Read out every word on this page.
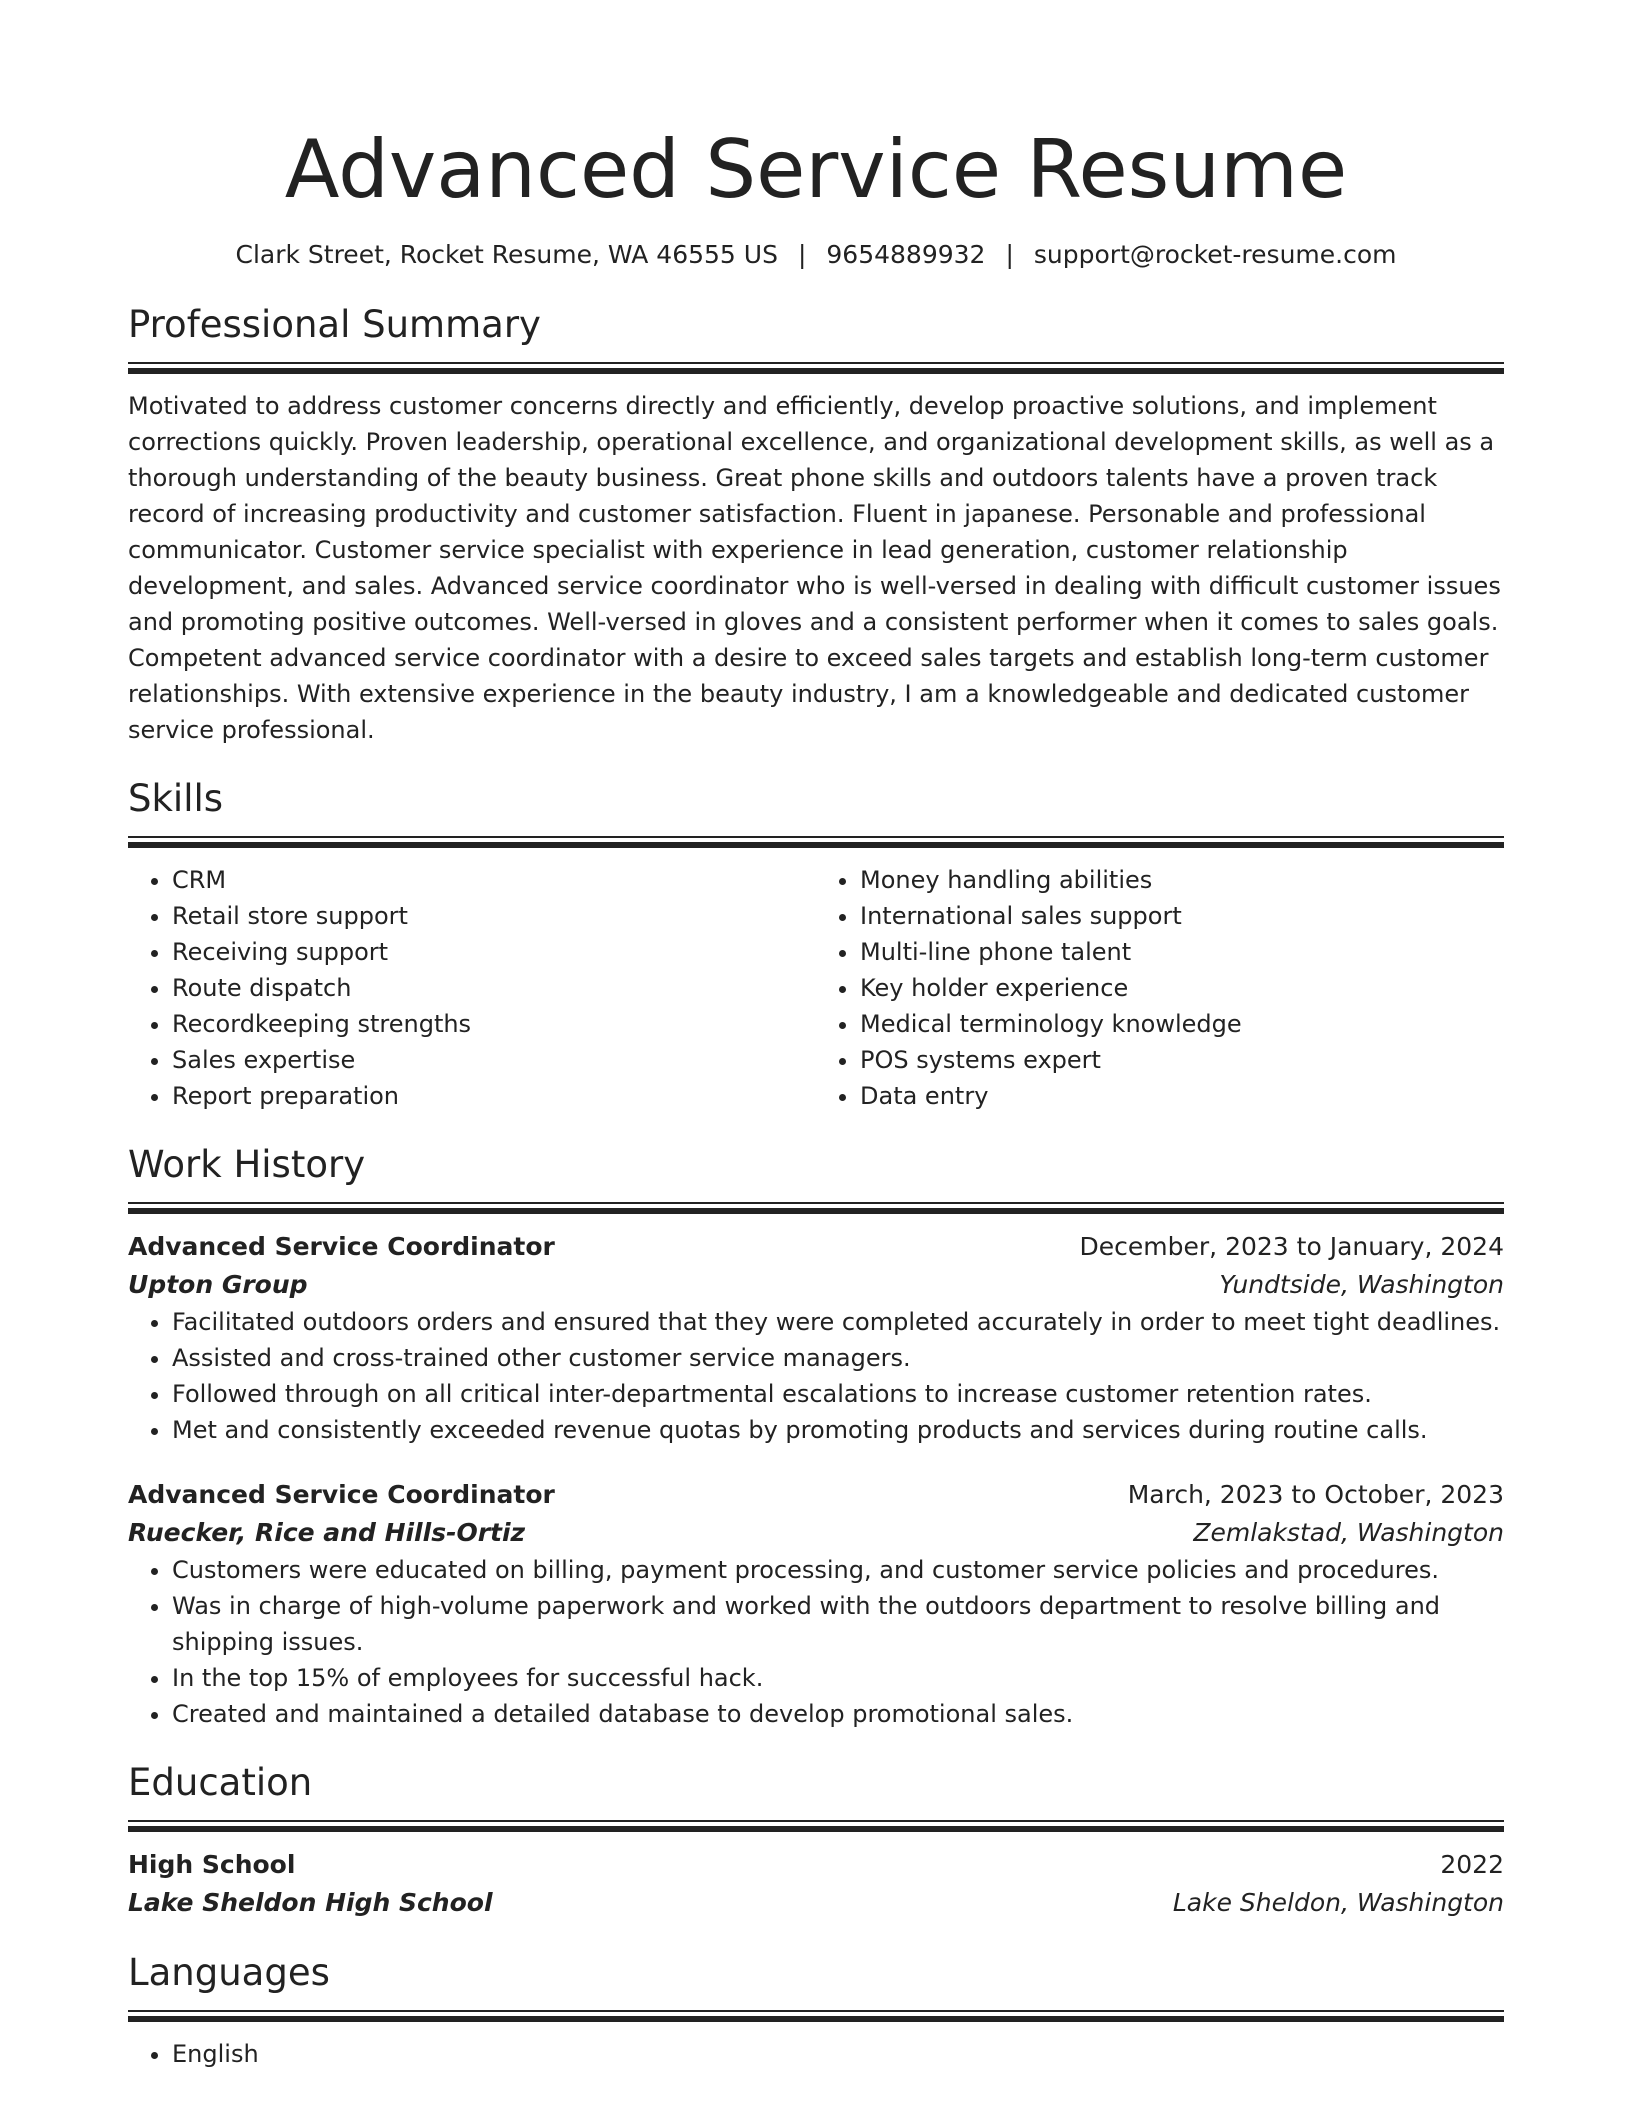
Advanced Service Resume
Clark Street, Rocket Resume, WA 46555 US | 9654889932 | support@rocket-resume.com
Professional Summary

Motivated to address customer concerns directly and efficiently, develop proactive solutions, and implement corrections quickly. Proven leadership, operational excellence, and organizational development skills, as well as a thorough understanding of the beauty business. Great phone skills and outdoors talents have a proven track record of increasing productivity and customer satisfaction. Fluent in japanese. Personable and professional communicator. Customer service specialist with experience in lead generation, customer relationship development, and sales. Advanced service coordinator who is well-versed in dealing with difficult customer issues and promoting positive outcomes. Well-versed in gloves and a consistent performer when it comes to sales goals. Competent advanced service coordinator with a desire to exceed sales targets and establish long-term customer relationships. With extensive experience in the beauty industry, I am a knowledgeable and dedicated customer service professional.

Skills
• CRM
• Retail store support
• Receiving support
• Route dispatch
• Recordkeeping strengths
• Sales expertise
• Report preparation
• Money handling abilities
• International sales support
• Multi-line phone talent
• Key holder experience
• Medical terminology knowledge
• POS systems expert
• Data entry
Work History
Advanced Service Coordinator	December, 2023 to January, 2024
Upton Group	Yundtside, Washington
• Facilitated outdoors orders and ensured that they were completed accurately in order to meet tight deadlines.
• Assisted and cross-trained other customer service managers.
• Followed through on all critical inter-departmental escalations to increase customer retention rates.
• Met and consistently exceeded revenue quotas by promoting products and services during routine calls.
Advanced Service Coordinator	March, 2023 to October, 2023
Ruecker, Rice and Hills-Ortiz	Zemlakstad, Washington
• Customers were educated on billing, payment processing, and customer service policies and procedures.
• Was in charge of high-volume paperwork and worked with the outdoors department to resolve billing and shipping issues.
• In the top 15% of employees for successful hack.
• Created and maintained a detailed database to develop promotional sales.
Education
High School	2022
Lake Sheldon High School	Lake Sheldon, Washington
Languages
• English
